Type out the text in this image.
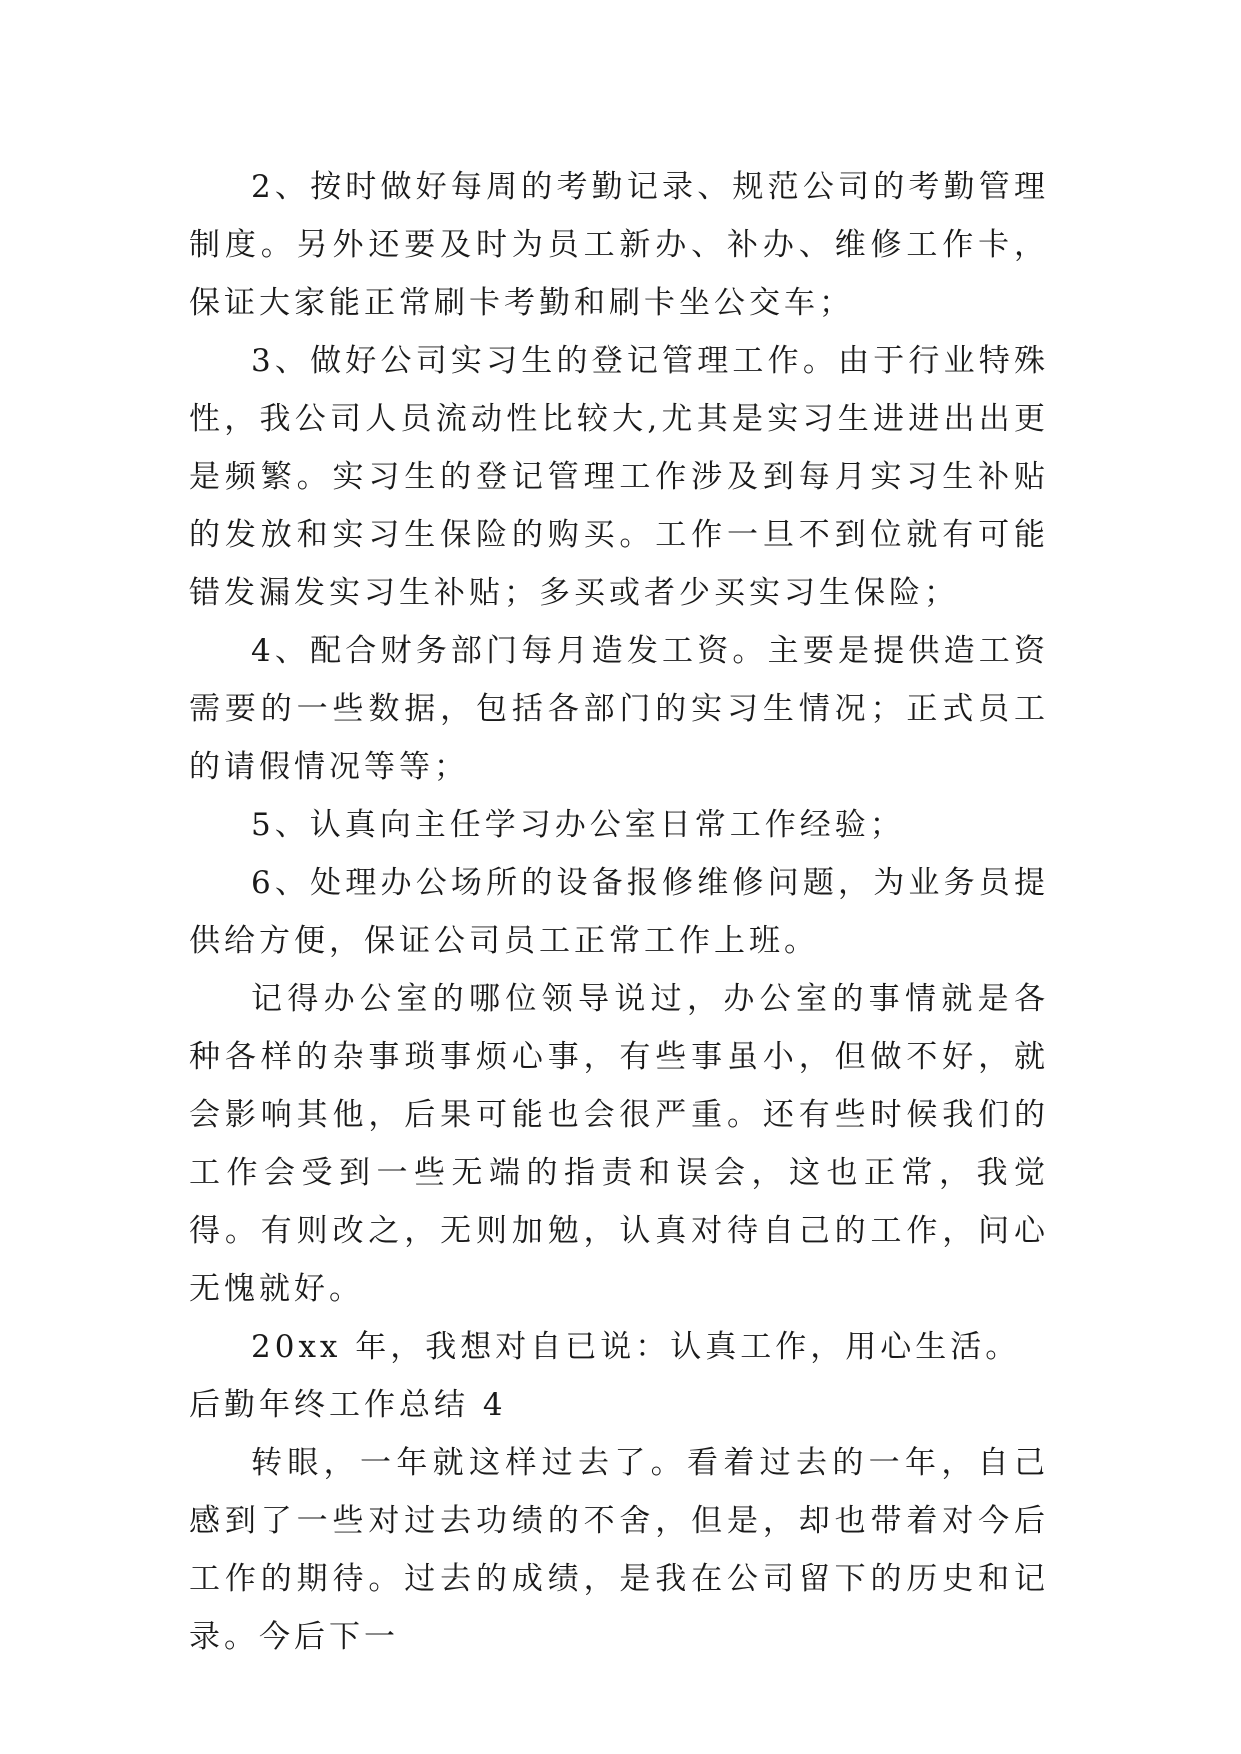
2、按时做好每周的考勤记录、规范公司的考勤管理制度。另外还要及时为员工新办、补办、维修工作卡，保证大家能正常刷卡考勤和刷卡坐公交车；

3、做好公司实习生的登记管理工作。由于行业特殊性，我公司人员流动性比较大,尤其是实习生进进出出更是频繁。实习生的登记管理工作涉及到每月实习生补贴的发放和实习生保险的购买。工作一旦不到位就有可能错发漏发实习生补贴；多买或者少买实习生保险；

4、配合财务部门每月造发工资。主要是提供造工资需要的一些数据，包括各部门的实习生情况；正式员工的请假情况等等；

5、认真向主任学习办公室日常工作经验；

6、处理办公场所的设备报修维修问题，为业务员提供给方便，保证公司员工正常工作上班。

记得办公室的哪位领导说过，办公室的事情就是各种各样的杂事琐事烦心事，有些事虽小，但做不好，就会影响其他，后果可能也会很严重。还有些时候我们的工作会受到一些无端的指责和误会，这也正常，我觉得。有则改之，无则加勉，认真对待自己的工作，问心无愧就好。

20xx 年，我想对自已说：认真工作，用心生活。

后勤年终工作总结 4

转眼，一年就这样过去了。看着过去的一年，自己感到了一些对过去功绩的不舍，但是，却也带着对今后工作的期待。过去的成绩，是我在公司留下的历史和记录。今后下一
